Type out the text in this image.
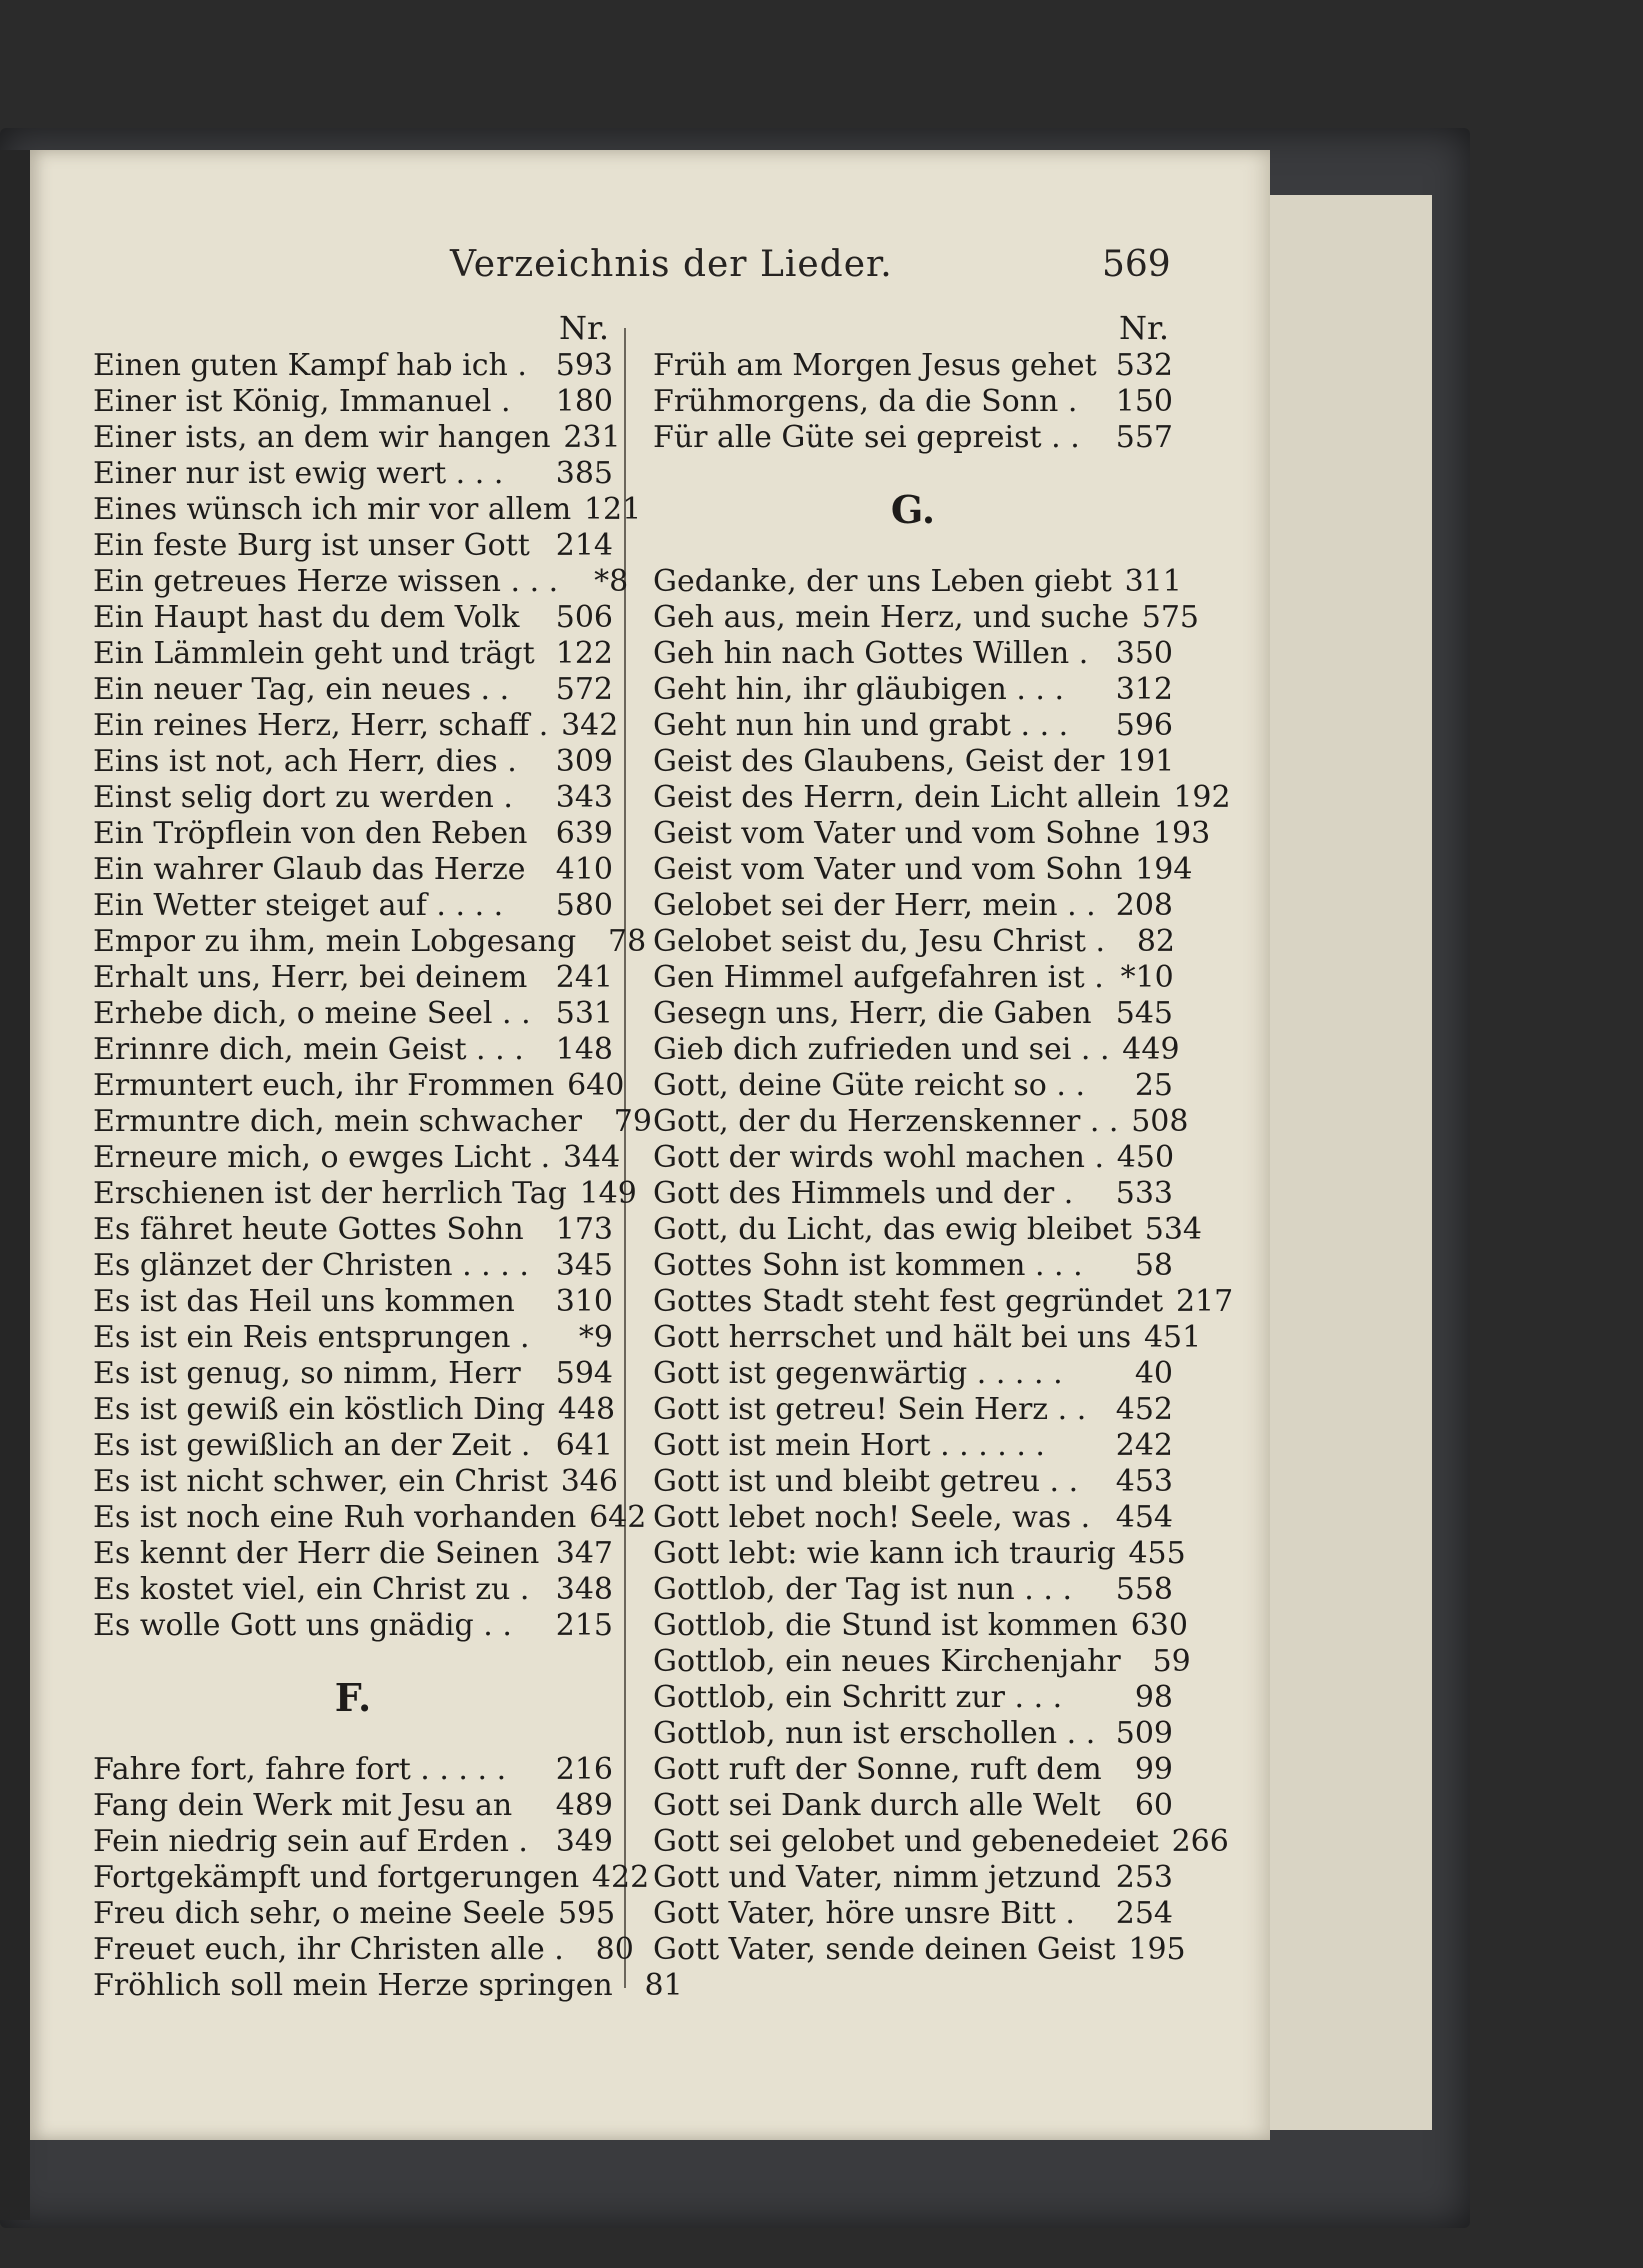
Verzeichnis der Lieder.	569
Nr.
Einen guten Kampf hab ich . 593
Einer ist König, Immanuel .	180
Einer ists, an dem wir hangen 231
Einer nur ist ewig wert . . .	385
Eines wünsch ich mir vor allem 121
Ein feste Burg ist unser Gott 214
Ein getreues Herze wissen . . .	*8
Ein Haupt hast du dem Volk	506
Ein Lämmlein geht und trägt 122
Ein neuer Tag, ein neues . .	572
Ein reines Herz, Herr, schaff . 342
Eins ist not, ach Herr, dies .	309
Einst selig dort zu werden .	343
Ein Tröpflein von den Reben 639
Ein wahrer Glaub das Herze	410
Ein Wetter steiget auf . . . .	580
Empor zu ihm, mein Lobgesang	78
Erhalt uns, Herr, bei deinem 241
Erhebe dich, o meine Seel . . 531
Erinnre dich, mein Geist . . .	148
Ermuntert euch, ihr Frommen 640
Ermuntre dich, mein schwacher	79
Erneure mich, o ewges Licht . 344
Erschienen ist der herrlich Tag 149
Es fähret heute Gottes Sohn	173
Es glänzet der Christen . . . . 345
Es ist das Heil uns kommen	310
Es ist ein Reis entsprungen .	*9
Es ist genug, so nimm, Herr	594
Es ist gewiß ein köstlich Ding 448
Es ist gewißlich an der Zeit . 641
Es ist nicht schwer, ein Christ 346
Es ist noch eine Ruh vorhanden 642
Es kennt der Herr die Seinen 347
Es kostet viel, ein Christ zu . 348
Es wolle Gott uns gnädig . .	215
F.
Fahre fort, fahre fort . . . . .	216
Fang dein Werk mit Jesu an	489
Fein niedrig sein auf Erden . 349
Fortgekämpft und fortgerungen 422
Freu dich sehr, o meine Seele 595
Freuet euch, ihr Christen alle .	80
Fröhlich soll mein Herze springen	81
Nr.
Früh am Morgen Jesus gehet 532
Frühmorgens, da die Sonn .	150
Für alle Güte sei gepreist . .	557
G.
Gedanke, der uns Leben giebt 311
Geh aus, mein Herz, und suche 575
Geh hin nach Gottes Willen . 350
Geht hin, ihr gläubigen . . .	312
Geht nun hin und grabt . . .	596
Geist des Glaubens, Geist der 191
Geist des Herrn, dein Licht allein 192
Geist vom Vater und vom Sohne 193
Geist vom Vater und vom Sohn 194
Gelobet sei der Herr, mein . . 208
Gelobet seist du, Jesu Christ .	82
Gen Himmel aufgefahren ist . *10
Gesegn uns, Herr, die Gaben 545
Gieb dich zufrieden und sei . . 449
Gott, deine Güte reicht so . .	25
Gott, der du Herzenskenner . . 508
Gott der wirds wohl machen . 450
Gott des Himmels und der .	533
Gott, du Licht, das ewig bleibet 534
Gottes Sohn ist kommen . . .	58
Gottes Stadt steht fest gegründet 217
Gott herrschet und hält bei uns 451
Gott ist gegenwärtig . . . . .	40
Gott ist getreu! Sein Herz . . 452
Gott ist mein Hort . . . . . .	242
Gott ist und bleibt getreu . .	453
Gott lebet noch! Seele, was . 454
Gott lebt: wie kann ich traurig 455
Gottlob, der Tag ist nun . . .	558
Gottlob, die Stund ist kommen 630
Gottlob, ein neues Kirchenjahr	59
Gottlob, ein Schritt zur . . .	98
Gottlob, nun ist erschollen . . 509
Gott ruft der Sonne, ruft dem	99
Gott sei Dank durch alle Welt	60
Gott sei gelobet und gebenedeiet 266
Gott und Vater, nimm jetzund 253
Gott Vater, höre unsre Bitt .	254
Gott Vater, sende deinen Geist 195
